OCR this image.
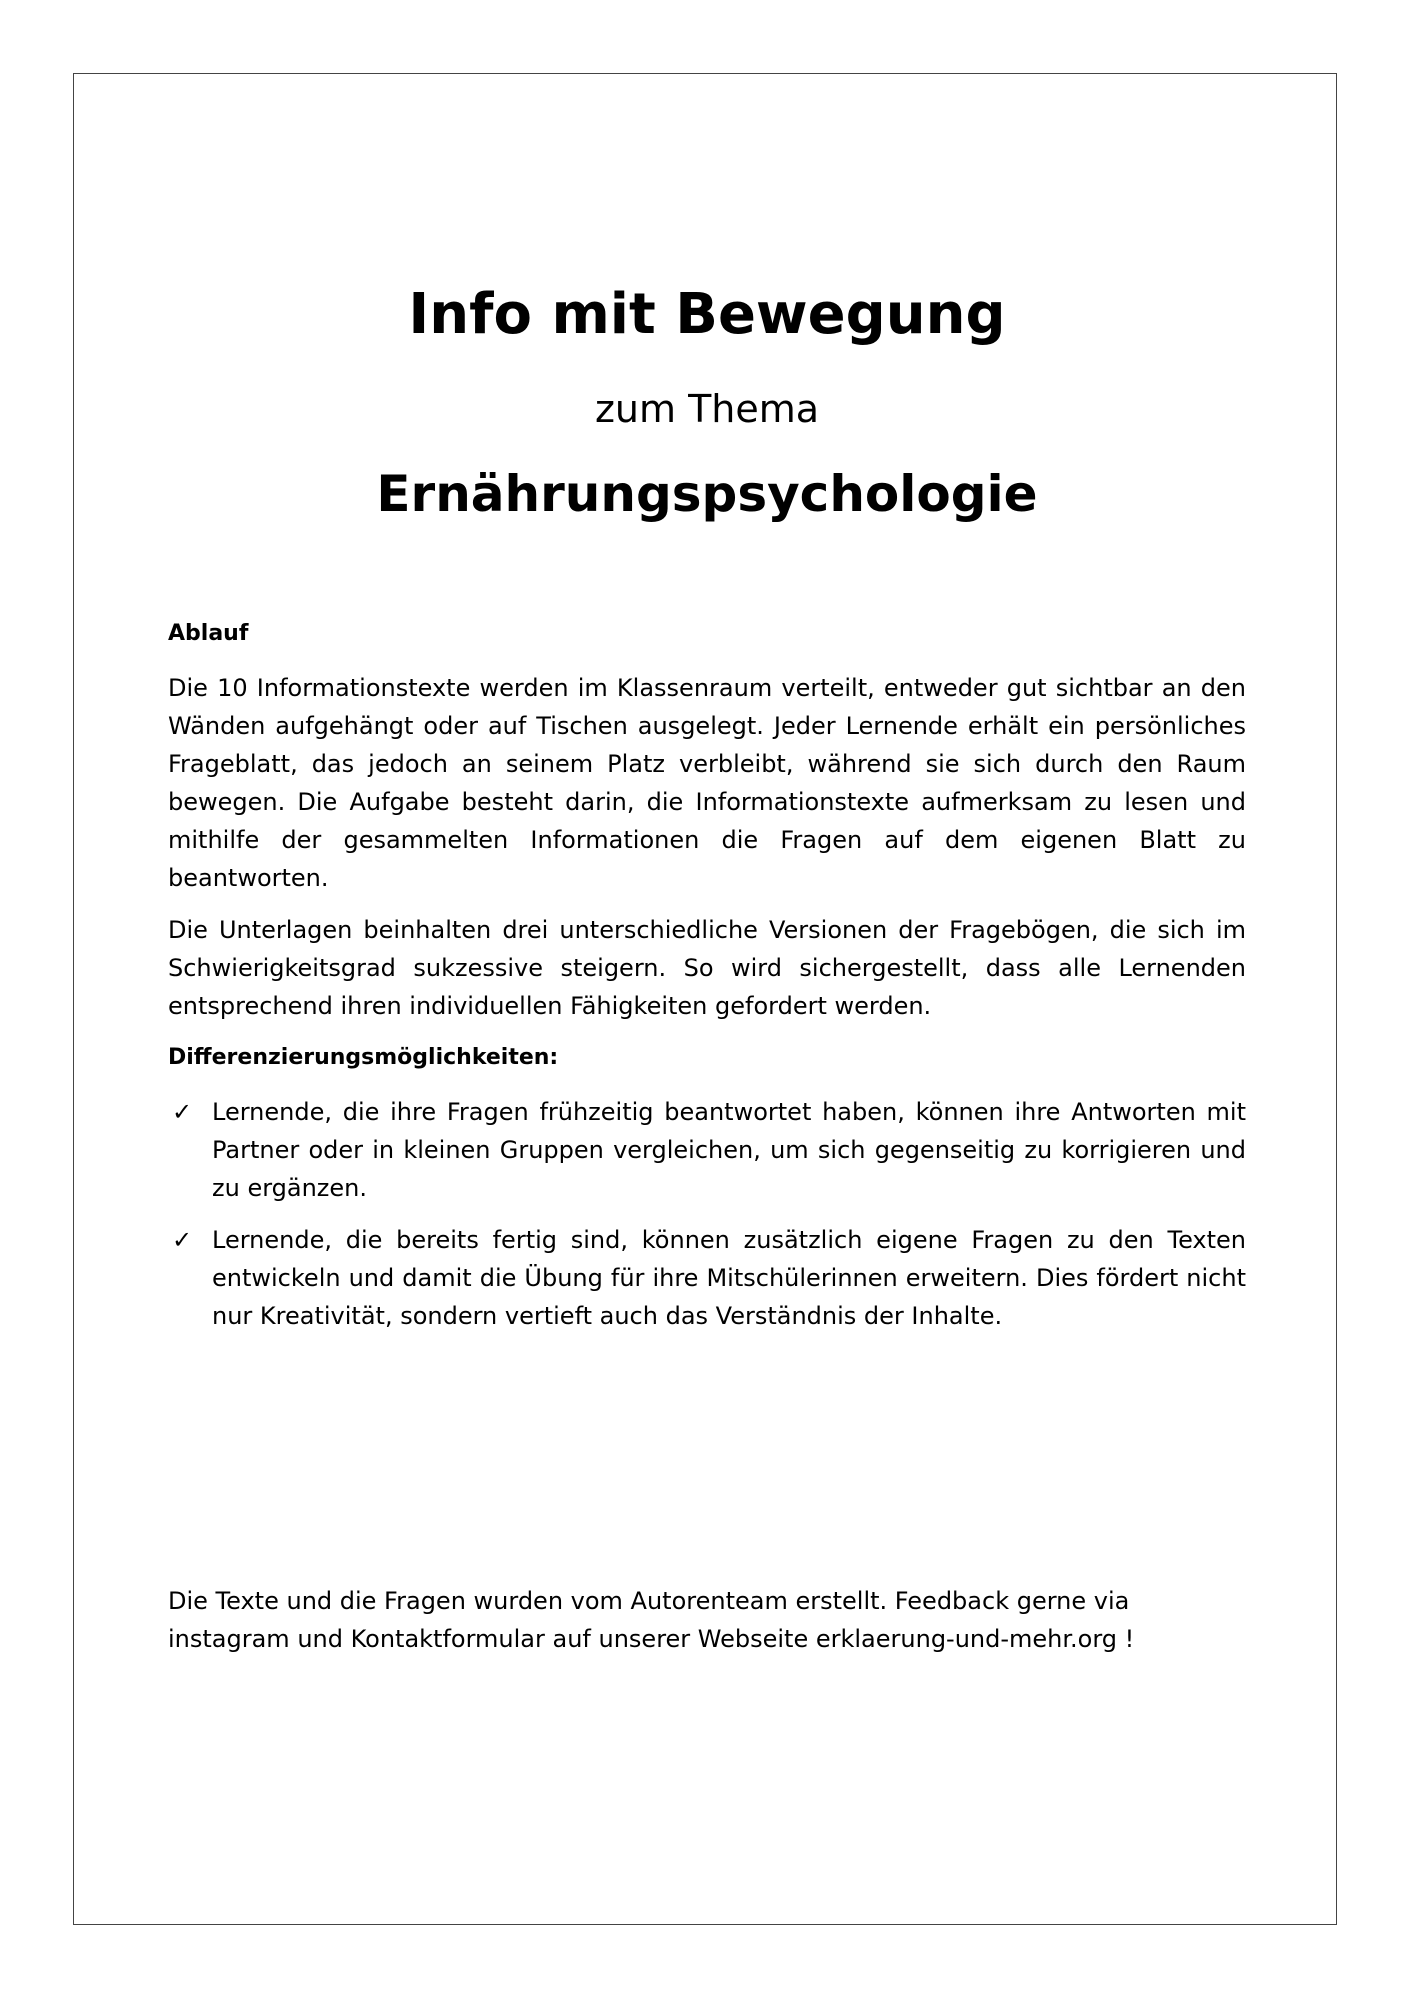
Info mit Bewegung

zum Thema

Ernährungspsychologie
Ablauf

Die 10 Informationstexte werden im Klassenraum verteilt, entweder gut sichtbar an den Wänden aufgehängt oder auf Tischen ausgelegt. Jeder Lernende erhält ein persönliches Frageblatt, das jedoch an seinem Platz verbleibt, während sie sich durch den Raum bewegen. Die Aufgabe besteht darin, die Informationstexte aufmerksam zu lesen und mithilfe der gesammelten Informationen die Fragen auf dem eigenen Blatt zu beantworten.

Die Unterlagen beinhalten drei unterschiedliche Versionen der Fragebögen, die sich im Schwierigkeitsgrad sukzessive steigern. So wird sichergestellt, dass alle Lernenden entsprechend ihren individuellen Fähigkeiten gefordert werden.

Differenzierungsmöglichkeiten:
✓ Lernende, die ihre Fragen frühzeitig beantwortet haben, können ihre Antworten mit Partner oder in kleinen Gruppen vergleichen, um sich gegenseitig zu korrigieren und zu ergänzen.
✓ Lernende, die bereits fertig sind, können zusätzlich eigene Fragen zu den Texten entwickeln und damit die Übung für ihre Mitschülerinnen erweitern. Dies fördert nicht nur Kreativität, sondern vertieft auch das Verständnis der Inhalte.

Die Texte und die Fragen wurden vom Autorenteam erstellt. Feedback gerne via instagram und Kontaktformular auf unserer Webseite erklaerung-und-mehr.org !
